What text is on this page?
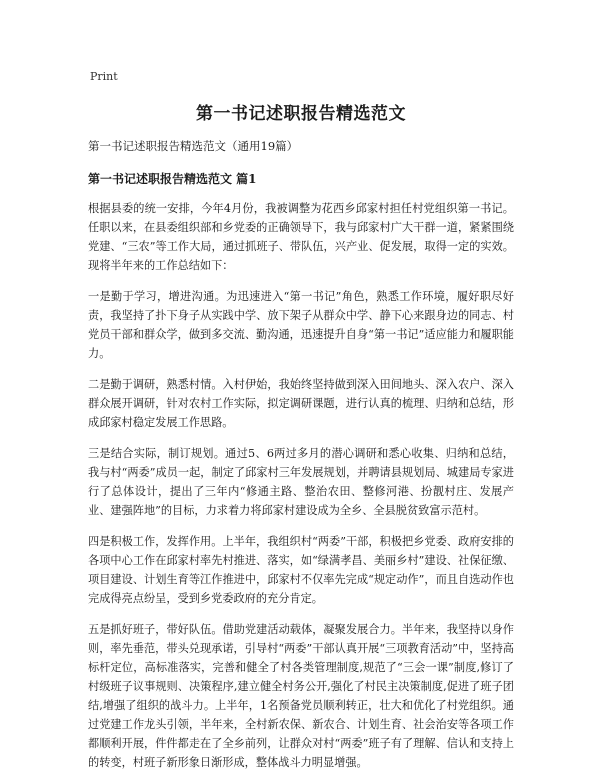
Print
第一书记述职报告精选范文
第一书记述职报告精选范文（通用19篇）
第一书记述职报告精选范文 篇1

根据县委的统一安排，今年4月份，我被调整为花西乡邱家村担任村党组织第一书记。任职以来，在县委组织部和乡党委的正确领导下，我与邱家村广大干群一道，紧紧围绕党建、“三农”等工作大局，通过抓班子、带队伍，兴产业、促发展，取得一定的实效。现将半年来的工作总结如下：

一是勤于学习，增进沟通。为迅速进入“第一书记”角色，熟悉工作环境，履好职尽好责，我坚持了扑下身子从实践中学、放下架子从群众中学、静下心来跟身边的同志、村党员干部和群众学，做到多交流、勤沟通，迅速提升自身“第一书记”适应能力和履职能力。

二是勤于调研，熟悉村情。入村伊始，我始终坚持做到深入田间地头、深入农户、深入群众展开调研，针对农村工作实际，拟定调研课题，进行认真的梳理、归纳和总结，形成邱家村稳定发展工作思路。

三是结合实际，制订规划。通过5、6两过多月的潜心调研和悉心收集、归纳和总结，我与村“两委”成员一起，制定了邱家村三年发展规划，并聘请县规划局、城建局专家进行了总体设计，提出了三年内“修通主路、整治农田、整修河港、扮靓村庄、发展产业、建强阵地”的目标，力求着力将邱家村建设成为全乡、全县脱贫致富示范村。

四是积极工作，发挥作用。上半年，我组织村“两委”干部，积极把乡党委、政府安排的各项中心工作在邱家村率先村推进、落实，如“绿满孝昌、美丽乡村”建设、社保征缴、项目建设、计划生育等江作推进中，邱家村不仅率先完成“规定动作”，而且自选动作也完成得亮点纷呈，受到乡党委政府的充分肯定。

五是抓好班子，带好队伍。借助党建活动载体，凝聚发展合力。半年来，我坚持以身作则，率先垂范，带头兑现承诺，引导村“两委”干部认真开展“三项教育活动”中，坚持高标杆定位，高标准落实，完善和健全了村各类管理制度,规范了“三会一课”制度,修订了村级班子议事规则、决策程序,建立健全村务公开,强化了村民主决策制度,促进了班子团结,增强了组织的战斗力。上半年，1名预备党员顺利转正，壮大和优化了村党组织。通过党建工作龙头引领，半年来，全村新农保、新农合、计划生育、社会治安等各项工作都顺利开展，件件都走在了全乡前列，让群众对村“两委”班子有了理解、信认和支持上的转变，村班子新形象日渐形成，整体战斗力明显增强。
